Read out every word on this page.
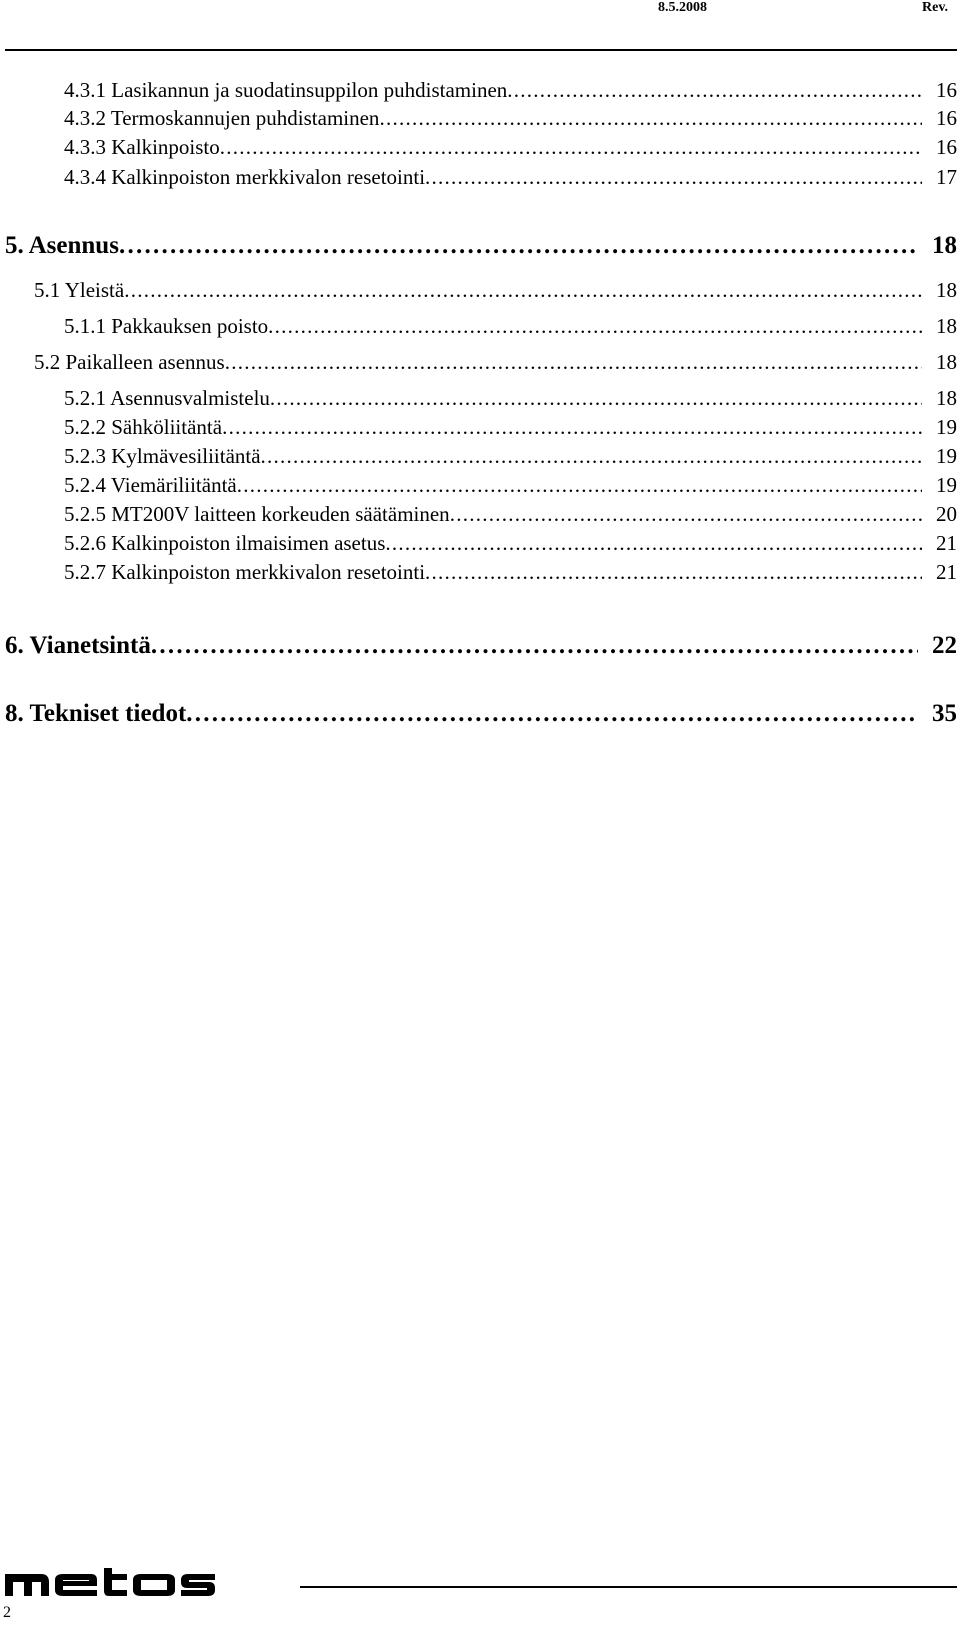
8.5.2008	Rev.
4.3.1 Lasikannun ja suodatinsuppilon puhdistaminen . . .	16
4.3.2 Termoskannujen puhdistaminen . . .	16
4.3.3 Kalkinpoisto . . .	16
4.3.4 Kalkinpoiston merkkivalon resetointi . . .	17
5. Asennus . . .	18
5.1 Yleistä . . .	18
5.1.1 Pakkauksen poisto . . .	18
5.2 Paikalleen asennus . . .	18
5.2.1 Asennusvalmistelu . . .	18
5.2.2 Sähköliitäntä . . .	19
5.2.3 Kylmävesiliitäntä . . .	19
5.2.4 Viemäriliitäntä . . .	19
5.2.5 MT200V laitteen korkeuden säätäminen . . .	20
5.2.6 Kalkinpoiston ilmaisimen asetus . . .	21
5.2.7 Kalkinpoiston merkkivalon resetointi . . .	21
6. Vianetsintä . . .	22
8. Tekniset tiedot . . .	35
2
